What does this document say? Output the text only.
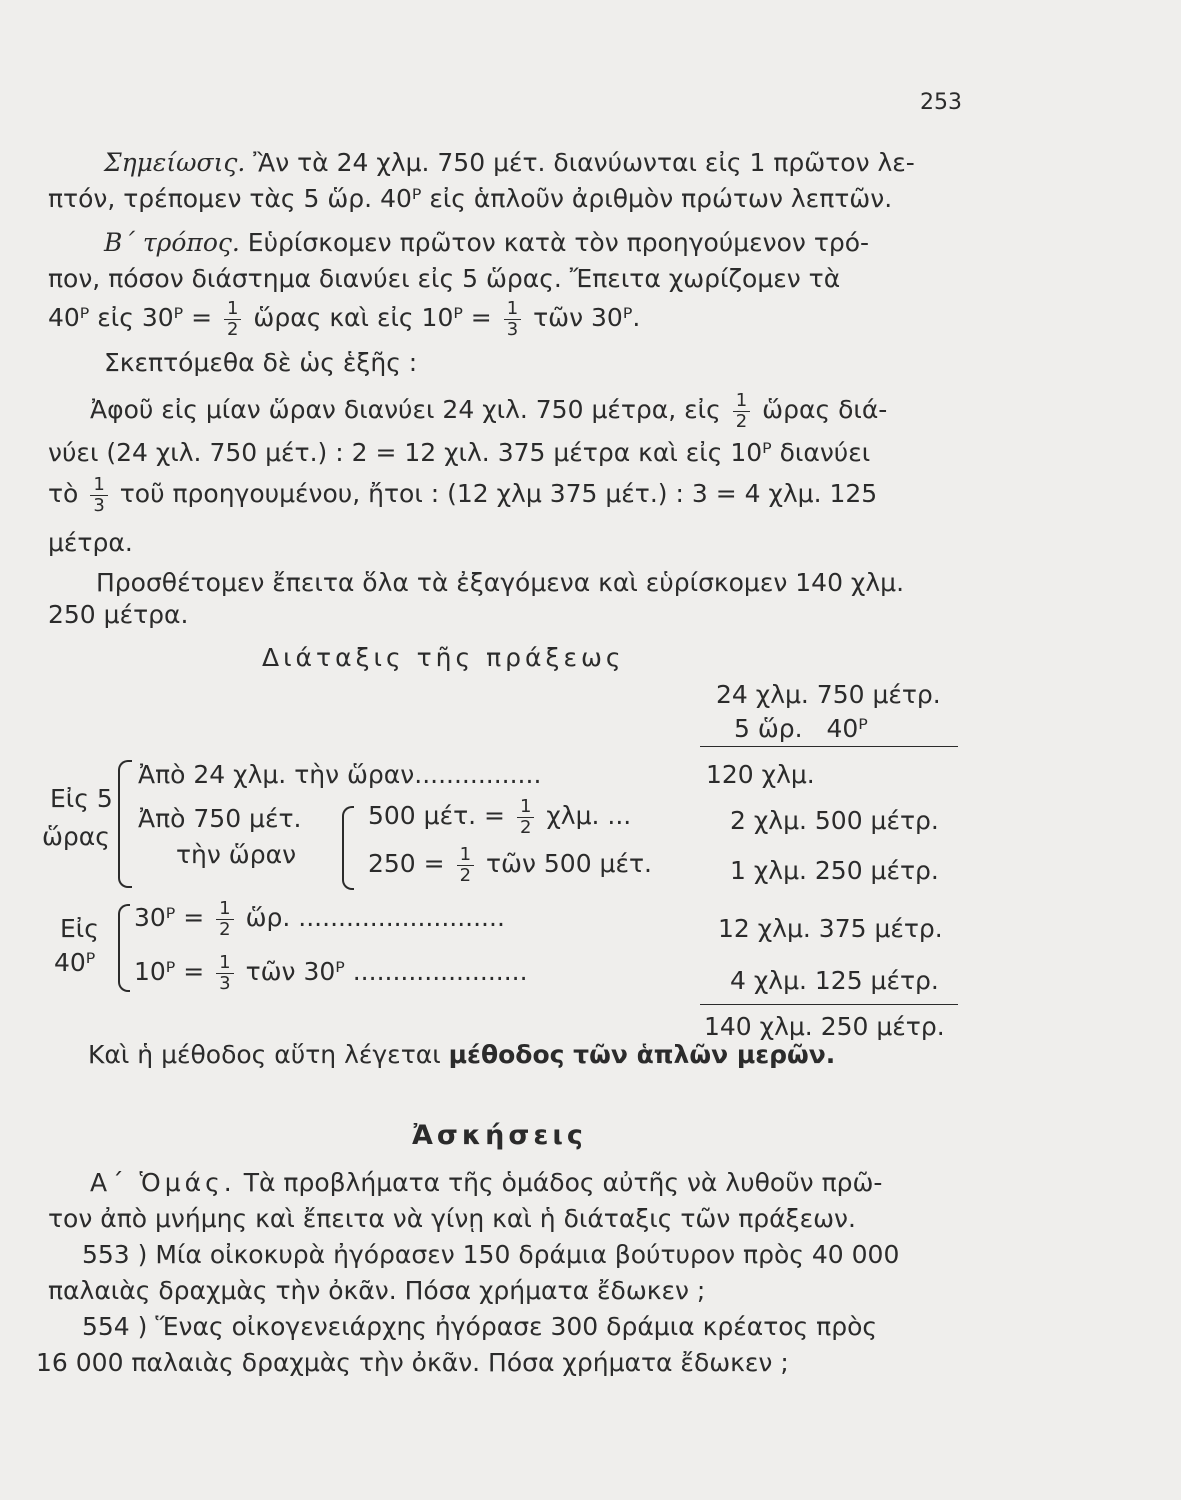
253
Σημείωσις. Ἂν τὰ 24 χλμ. 750 μέτ. διανύωνται εἰς 1 πρῶτον λε-
πτόν, τρέπομεν τὰς 5 ὥρ. 40ᴾ εἰς ἁπλοῦν ἀριθμὸν πρώτων λεπτῶν.
Β΄ τρόπος. Εὑρίσκομεν πρῶτον κατὰ τὸν προηγούμενον τρό-
πον, πόσον διάστημα διανύει εἰς 5 ὥρας. Ἔπειτα χωρίζομεν τὰ
40ᴾ εἰς 30ᴾ = $\frac{1}{2}$ ὥρας καὶ εἰς 10ᴾ = $\frac{1}{3}$ τῶν 30ᴾ.
Σκεπτόμεθα δὲ ὡς ἑξῆς :
Ἀφοῦ εἰς μίαν ὥραν διανύει 24 χιλ. 750 μέτρα, εἰς $\frac{1}{2}$ ὥρας διά-
νύει (24 χιλ. 750 μέτ.) : 2 = 12 χιλ. 375 μέτρα καὶ εἰς 10ᴾ διανύει
τὸ $\frac{1}{3}$ τοῦ προηγουμένου, ἤτοι : (12 χλμ 375 μέτ.) : 3 = 4 χλμ. 125
μέτρα.
Προσθέτομεν ἔπειτα ὅλα τὰ ἐξαγόμενα καὶ εὑρίσκομεν 140 χλμ.
250 μέτρα.
Διάταξις τῆς πράξεως
24 χλμ. 750 μέτρ.
5 ὥρ. 40ᴾ
Εἰς 5
ὥρας
Ἀπὸ 24 χλμ. τὴν ὥραν................	120 χλμ.
Ἀπὸ 750 μέτ.
τὴν ὥραν
500 μέτ. = $\frac{1}{2} \chi\lambda\mu$. ...	2 χλμ. 500 μέτρ.
$250 = \frac{1}{2}$ τῶν 500 μέτ.	1 χλμ. 250 μέτρ.
Εἰς
40ᴾ
30ᴾ = $\frac{1}{2}$ ὥρ. ..........................	12 χλμ. 375 μέτρ.
10ᴾ = $\frac{1}{3}$ τῶν 30ᴾ ......................	4 χλμ. 125 μέτρ.
140 χλμ. 250 μέτρ.
Καὶ ἡ μέθοδος αὕτη λέγεται μέθοδος τῶν ἁπλῶν μερῶν.
Ἀσκήσεις
Α΄ Ὁμάς. Τὰ προβλήματα τῆς ὁμάδος αὐτῆς νὰ λυθοῦν πρῶ-
τον ἀπὸ μνήμης καὶ ἔπειτα νὰ γίνῃ καὶ ἡ διάταξις τῶν πράξεων.
553 ) Μία οἰκοκυρὰ ἠγόρασεν 150 δράμια βούτυρον πρὸς 40 000
παλαιὰς δραχμὰς τὴν ὀκᾶν. Πόσα χρήματα ἔδωκεν ;
554 ) Ἕνας οἰκογενειάρχης ἠγόρασε 300 δράμια κρέατος πρὸς
16 000 παλαιὰς δραχμὰς τὴν ὀκᾶν. Πόσα χρήματα ἔδωκεν ;
